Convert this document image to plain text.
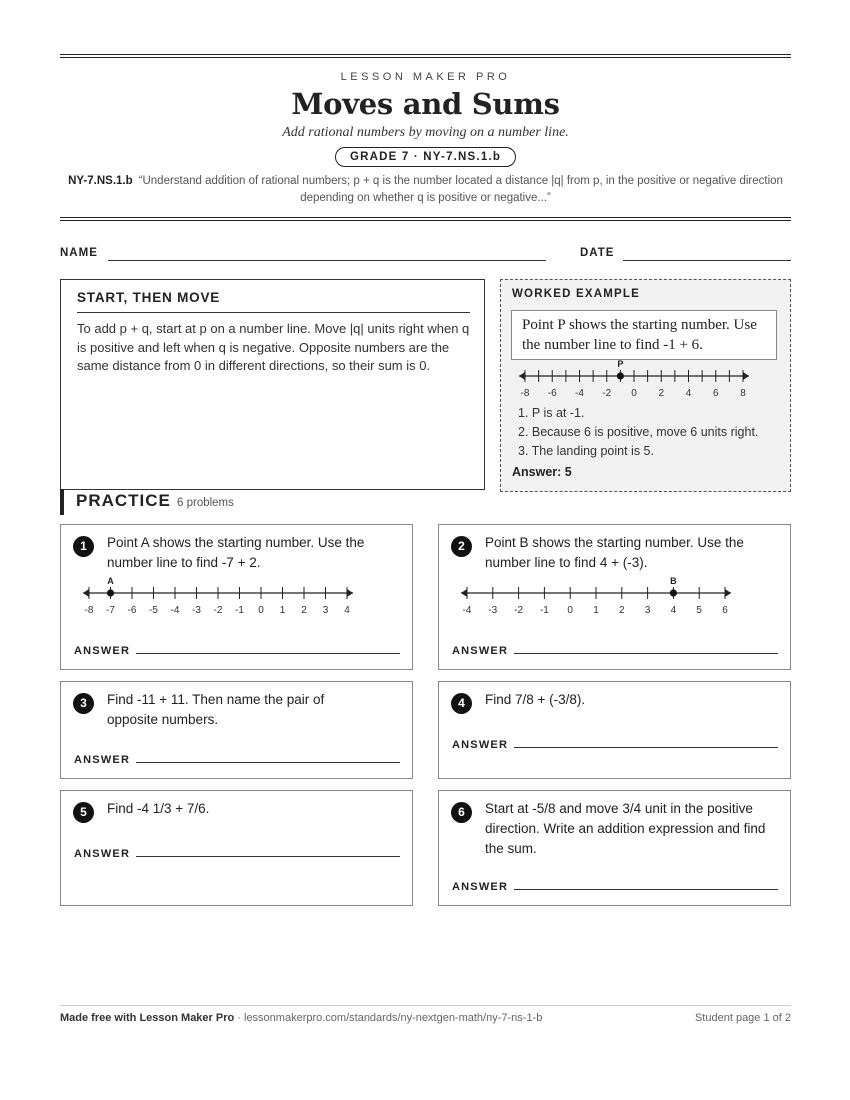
LESSON MAKER PRO
Moves and Sums
Add rational numbers by moving on a number line.
GRADE 7 · NY-7.NS.1.b
NY-7.NS.1.b “Understand addition of rational numbers; p + q is the number located a distance |q| from p, in the positive or negative direction depending on whether q is positive or negative...”
NAME	DATE
START, THEN MOVE
To add p + q, start at p on a number line. Move |q| units right when q is positive and left when q is negative. Opposite numbers are the same distance from 0 in different directions, so their sum is 0.
WORKED EXAMPLE
Point P shows the starting number. Use the number line to find -1 + 6.
-8 -6 -4 -2 0 2 4 6 8
P
1. P is at -1.
2. Because 6 is positive, move 6 units right.
3. The landing point is 5.
Answer: 5
PRACTICE 6 problems
1	Point A shows the starting number. Use the number line to find -7 + 2.
-8 -7 -6 -5 -4 -3 -2 -1 0 1 2 3 4
A
ANSWER
2	Point B shows the starting number. Use the number line to find 4 + (-3).
-4 -3 -2 -1 0 1 2 3 4 5 6
B
ANSWER
3	Find -11 + 11. Then name the pair of opposite numbers.
ANSWER
4	Find 7/8 + (-3/8).
ANSWER
5	Find -4 1/3 + 7/6.
ANSWER
6	Start at -5/8 and move 3/4 unit in the positive direction. Write an addition expression and find the sum.
ANSWER
Made free with Lesson Maker Pro · lessonmakerpro.com/standards/ny-nextgen-math/ny-7-ns-1-b	Student page 1 of 2
